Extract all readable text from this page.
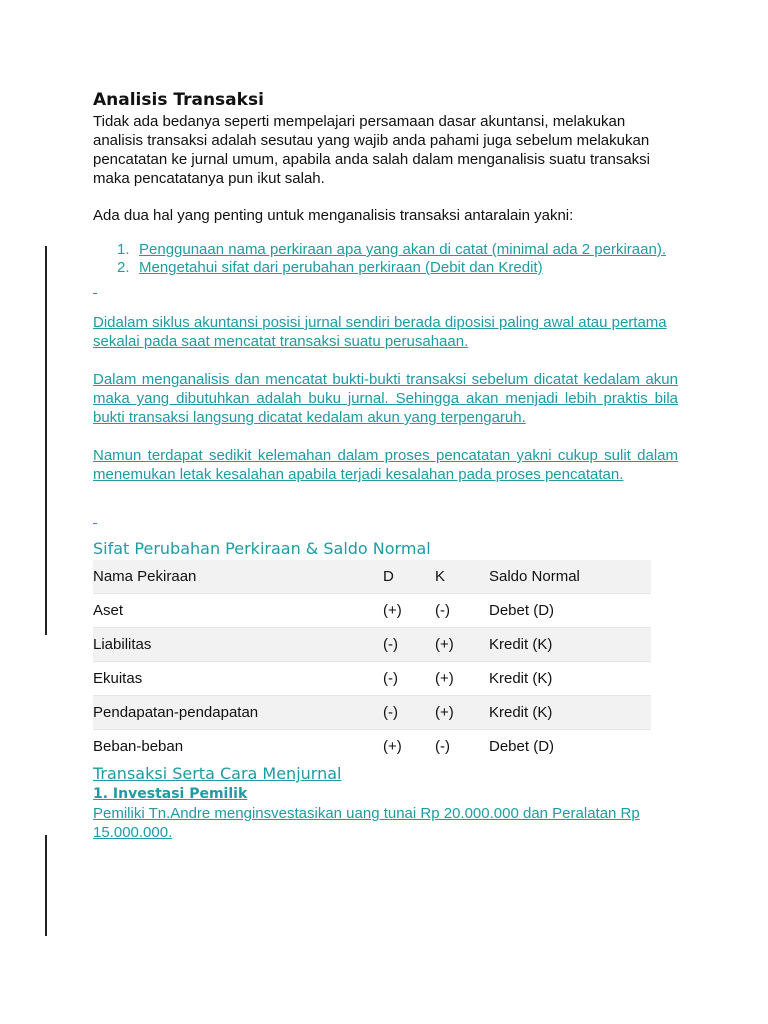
Analisis Transaksi

Tidak ada bedanya seperti mempelajari persamaan dasar akuntansi, melakukan analisis transaksi adalah sesutau yang wajib anda pahami juga sebelum melakukan pencatatan ke jurnal umum, apabila anda salah dalam menganalisis suatu transaksi maka pencatatanya pun ikut salah.

Ada dua hal yang penting untuk menganalisis transaksi antaralain yakni:

1. Penggunaan nama perkiraan apa yang akan di catat (minimal ada 2 perkiraan).
2. Mengetahui sifat dari perubahan perkiraan (Debit dan Kredit)

Didalam siklus akuntansi posisi jurnal sendiri berada diposisi paling awal atau pertama sekalai pada saat mencatat transaksi suatu perusahaan.

Dalam menganalisis dan mencatat bukti-bukti transaksi sebelum dicatat kedalam akun maka yang dibutuhkan adalah buku jurnal. Sehingga akan menjadi lebih praktis bila bukti transaksi langsung dicatat kedalam akun yang terpengaruh.

Namun terdapat sedikit kelemahan dalam proses pencatatan yakni cukup sulit dalam menemukan letak kesalahan apabila terjadi kesalahan pada proses pencatatan.

Sifat Perubahan Perkiraan & Saldo Normal
Nama Pekiraan	D	K	Saldo Normal
Aset	(+)	(-)	Debet (D)
Liabilitas	(-)	(+)	Kredit (K)
Ekuitas	(-)	(+)	Kredit (K)
Pendapatan-pendapatan	(-)	(+)	Kredit (K)
Beban-beban	(+)	(-)	Debet (D)
Transaksi Serta Cara Menjurnal
1. Investasi Pemilik

Pemiliki Tn.Andre menginsvestasikan uang tunai Rp 20.000.000 dan Peralatan Rp 15.000.000.
